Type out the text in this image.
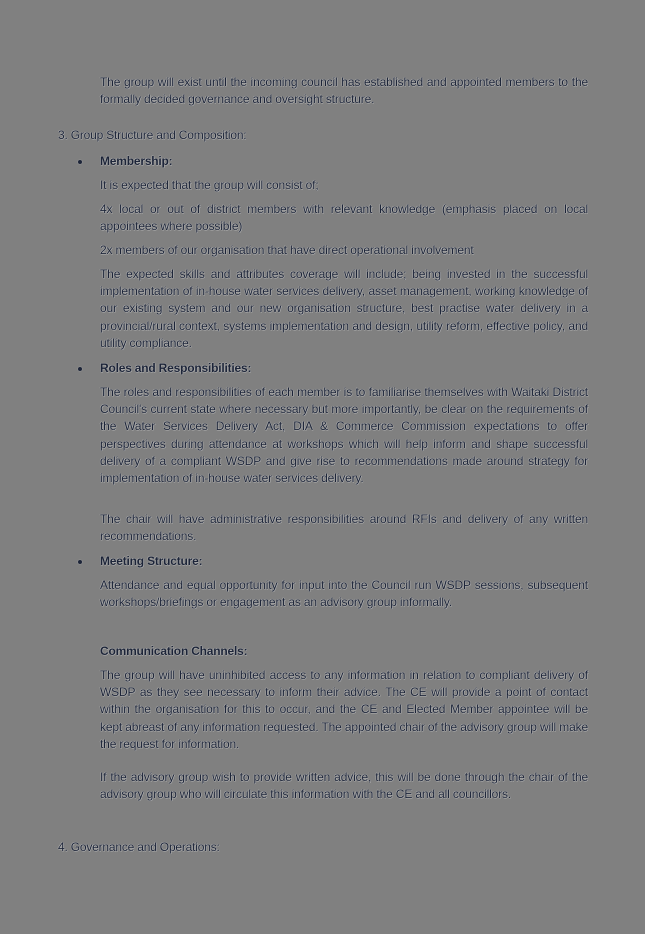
The group will exist until the incoming council has established and appointed members to the formally decided governance and oversight structure.

3. Group Structure and Composition:

Membership:

It is expected that the group will consist of;

4x local or out of district members with relevant knowledge (emphasis placed on local appointees where possible)

2x members of our organisation that have direct operational involvement

The expected skills and attributes coverage will include; being invested in the successful implementation of in-house water services delivery, asset management, working knowledge of our existing system and our new organisation structure, best practise water delivery in a provincial/rural context, systems implementation and design, utility reform, effective policy, and utility compliance.

Roles and Responsibilities:

The roles and responsibilities of each member is to familiarise themselves with Waitaki District Council's current state where necessary but more importantly, be clear on the requirements of the Water Services Delivery Act, DIA & Commerce Commission expectations to offer perspectives during attendance at workshops which will help inform and shape successful delivery of a compliant WSDP and give rise to recommendations made around strategy for implementation of in-house water services delivery.

The chair will have administrative responsibilities around RFIs and delivery of any written recommendations.

Meeting Structure:

Attendance and equal opportunity for input into the Council run WSDP sessions, subsequent workshops/briefings or engagement as an advisory group informally.

Communication Channels:

The group will have uninhibited access to any information in relation to compliant delivery of WSDP as they see necessary to inform their advice. The CE will provide a point of contact within the organisation for this to occur, and the CE and Elected Member appointee will be kept abreast of any information requested. The appointed chair of the advisory group will make the request for information.

If the advisory group wish to provide written advice, this will be done through the chair of the advisory group who will circulate this information with the CE and all councillors.

4. Governance and Operations:
